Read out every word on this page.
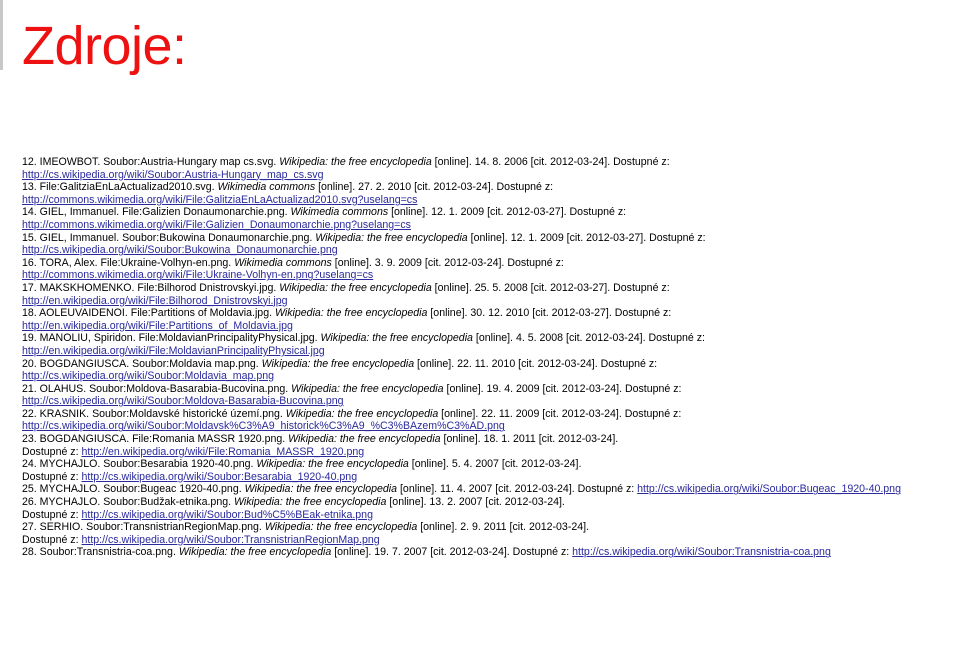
Zdroje:
12. IMEOWBOT. Soubor:Austria-Hungary map cs.svg. Wikipedia: the free encyclopedia [online]. 14. 8. 2006 [cit. 2012-03-24]. Dostupné z:
http://cs.wikipedia.org/wiki/Soubor:Austria-Hungary_map_cs.svg
13. File:GalitziaEnLaActualizad2010.svg. Wikimedia commons [online]. 27. 2. 2010 [cit. 2012-03-24]. Dostupné z:
http://commons.wikimedia.org/wiki/File:GalitziaEnLaActualizad2010.svg?uselang=cs
14. GIEL, Immanuel. File:Galizien Donaumonarchie.png. Wikimedia commons [online]. 12. 1. 2009 [cit. 2012-03-27]. Dostupné z:
http://commons.wikimedia.org/wiki/File:Galizien_Donaumonarchie.png?uselang=cs
15. GIEL, Immanuel. Soubor:Bukowina Donaumonarchie.png. Wikipedia: the free encyclopedia [online]. 12. 1. 2009 [cit. 2012-03-27]. Dostupné z:
http://cs.wikipedia.org/wiki/Soubor:Bukowina_Donaumonarchie.png
16. TORA, Alex. File:Ukraine-Volhyn-en.png. Wikimedia commons [online]. 3. 9. 2009 [cit. 2012-03-24]. Dostupné z:
http://commons.wikimedia.org/wiki/File:Ukraine-Volhyn-en.png?uselang=cs
17. MAKSKHOMENKO. File:Bilhorod Dnistrovskyi.jpg. Wikipedia: the free encyclopedia [online]. 25. 5. 2008 [cit. 2012-03-27]. Dostupné z:
http://en.wikipedia.org/wiki/File:Bilhorod_Dnistrovskyi.jpg
18. AOLEUVAIDENOI. File:Partitions of Moldavia.jpg. Wikipedia: the free encyclopedia [online]. 30. 12. 2010 [cit. 2012-03-27]. Dostupné z:
http://en.wikipedia.org/wiki/File:Partitions_of_Moldavia.jpg
19. MANOLIU, Spiridon. File:MoldavianPrincipalityPhysical.jpg. Wikipedia: the free encyclopedia [online]. 4. 5. 2008 [cit. 2012-03-24]. Dostupné z:
http://en.wikipedia.org/wiki/File:MoldavianPrincipalityPhysical.jpg
20. BOGDANGIUSCA. Soubor:Moldavia map.png. Wikipedia: the free encyclopedia [online]. 22. 11. 2010 [cit. 2012-03-24]. Dostupné z:
http://cs.wikipedia.org/wiki/Soubor:Moldavia_map.png
21. OLAHUS. Soubor:Moldova-Basarabia-Bucovina.png. Wikipedia: the free encyclopedia [online]. 19. 4. 2009 [cit. 2012-03-24]. Dostupné z:
http://cs.wikipedia.org/wiki/Soubor:Moldova-Basarabia-Bucovina.png
22. KRASNIK. Soubor:Moldavské historické území.png. Wikipedia: the free encyclopedia [online]. 22. 11. 2009 [cit. 2012-03-24]. Dostupné z:
http://cs.wikipedia.org/wiki/Soubor:Moldavsk%C3%A9_historick%C3%A9_%C3%BAzem%C3%AD.png
23. BOGDANGIUSCA. File:Romania MASSR 1920.png. Wikipedia: the free encyclopedia [online]. 18. 1. 2011 [cit. 2012-03-24].
Dostupné z: http://en.wikipedia.org/wiki/File:Romania_MASSR_1920.png
24. MYCHAJLO. Soubor:Besarabia 1920-40.png. Wikipedia: the free encyclopedia [online]. 5. 4. 2007 [cit. 2012-03-24].
Dostupné z: http://cs.wikipedia.org/wiki/Soubor:Besarabia_1920-40.png
25. MYCHAJLO. Soubor:Bugeac 1920-40.png. Wikipedia: the free encyclopedia [online]. 11. 4. 2007 [cit. 2012-03-24]. Dostupné z: http://cs.wikipedia.org/wiki/Soubor:Bugeac_1920-40.png
26. MYCHAJLO. Soubor:Budžak-etnika.png. Wikipedia: the free encyclopedia [online]. 13. 2. 2007 [cit. 2012-03-24].
Dostupné z: http://cs.wikipedia.org/wiki/Soubor:Bud%C5%BEak-etnika.png
27. SERHIO. Soubor:TransnistrianRegionMap.png. Wikipedia: the free encyclopedia [online]. 2. 9. 2011 [cit. 2012-03-24].
Dostupné z: http://cs.wikipedia.org/wiki/Soubor:TransnistrianRegionMap.png
28. Soubor:Transnistria-coa.png. Wikipedia: the free encyclopedia [online]. 19. 7. 2007 [cit. 2012-03-24]. Dostupné z: http://cs.wikipedia.org/wiki/Soubor:Transnistria-coa.png
